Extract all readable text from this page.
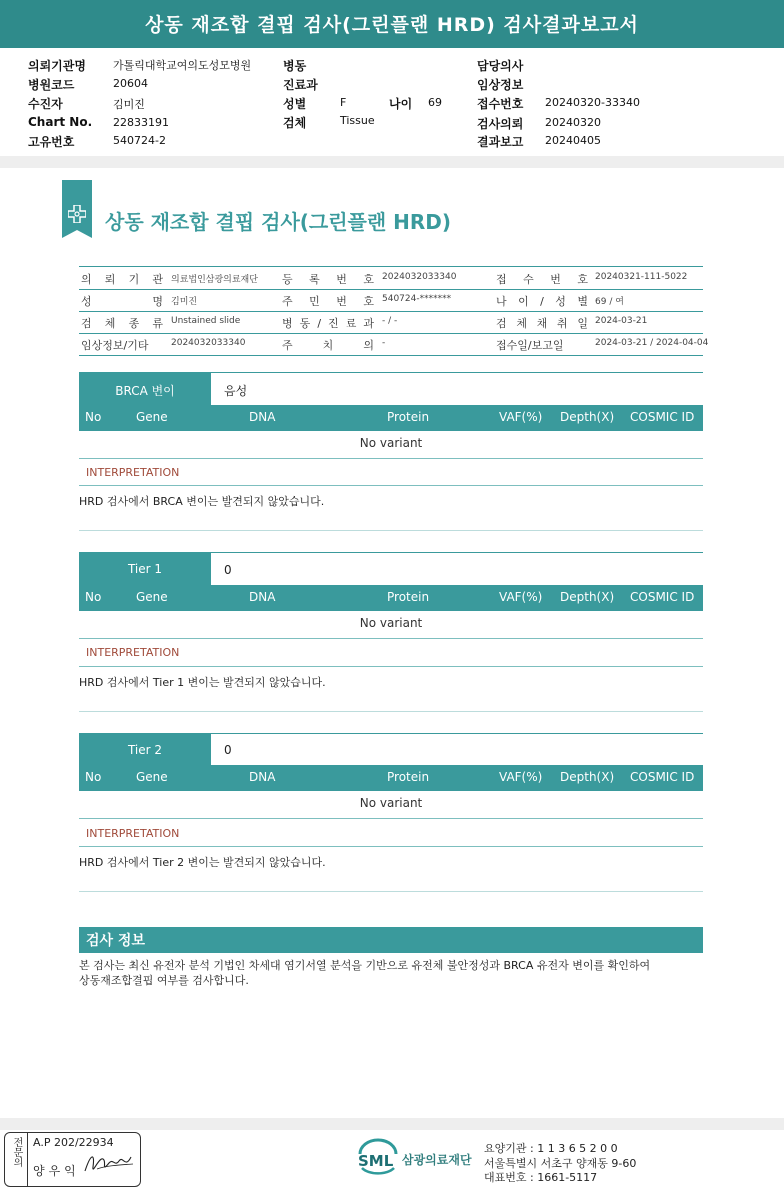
상동 재조합 결핍 검사(그린플랜 HRD) 검사결과보고서
의뢰기관명 가톨릭대학교여의도성모병원	병동	담당의사
병원코드	20604	진료과	임상정보
수진자	김미진	성별	F	나이 69	접수번호 20240320-33340
Chart No. 22833191	검체	Tissue	검사의뢰 20240320
고유번호	540724-2	결과보고 20240405
상동 재조합 결핍 검사(그린플랜 HRD)
의 뢰 기 관 의료법인삼광의료재단 등 록 번 호 2024032033340	접 수 번 호 20240321-111-5022
성 명 김미진	주 민 번 호 540724-*******	나 이 / 성 별 69 / 여
검 체 종 류 Unstained slide	병 동 / 진 료 과 - / -	검 체 채 취 일 2024-03-21
임상정보/기타	2024032033340	주 치 의 -	접수일/보고일	2024-03-21 / 2024-04-04
BRCA 변이	음성
No	Gene	DNA	Protein	VAF(%) Depth(X) COSMIC ID
No variant
INTERPRETATION
HRD 검사에서 BRCA 변이는 발견되지 않았습니다.
Tier 1	0
No	Gene	DNA	Protein	VAF(%) Depth(X) COSMIC ID
No variant
INTERPRETATION
HRD 검사에서 Tier 1 변이는 발견되지 않았습니다.
Tier 2	0
No	Gene	DNA	Protein	VAF(%) Depth(X) COSMIC ID
No variant
INTERPRETATION
HRD 검사에서 Tier 2 변이는 발견되지 않았습니다.
검사 정보
본 검사는 최신 유전자 분석 기법인 차세대 염기서열 분석을 기반으로 유전체 불안정성과 BRCA 유전자 변이를 확인하여
상동재조합결핍 여부를 검사합니다.
전문의 A.P 202/22934
양우익
SML 삼광의료재단
요양기관 : 1 1 3 6 5 2 0 0
서울특별시 서초구 양재동 9-60
대표번호 : 1661-5117
